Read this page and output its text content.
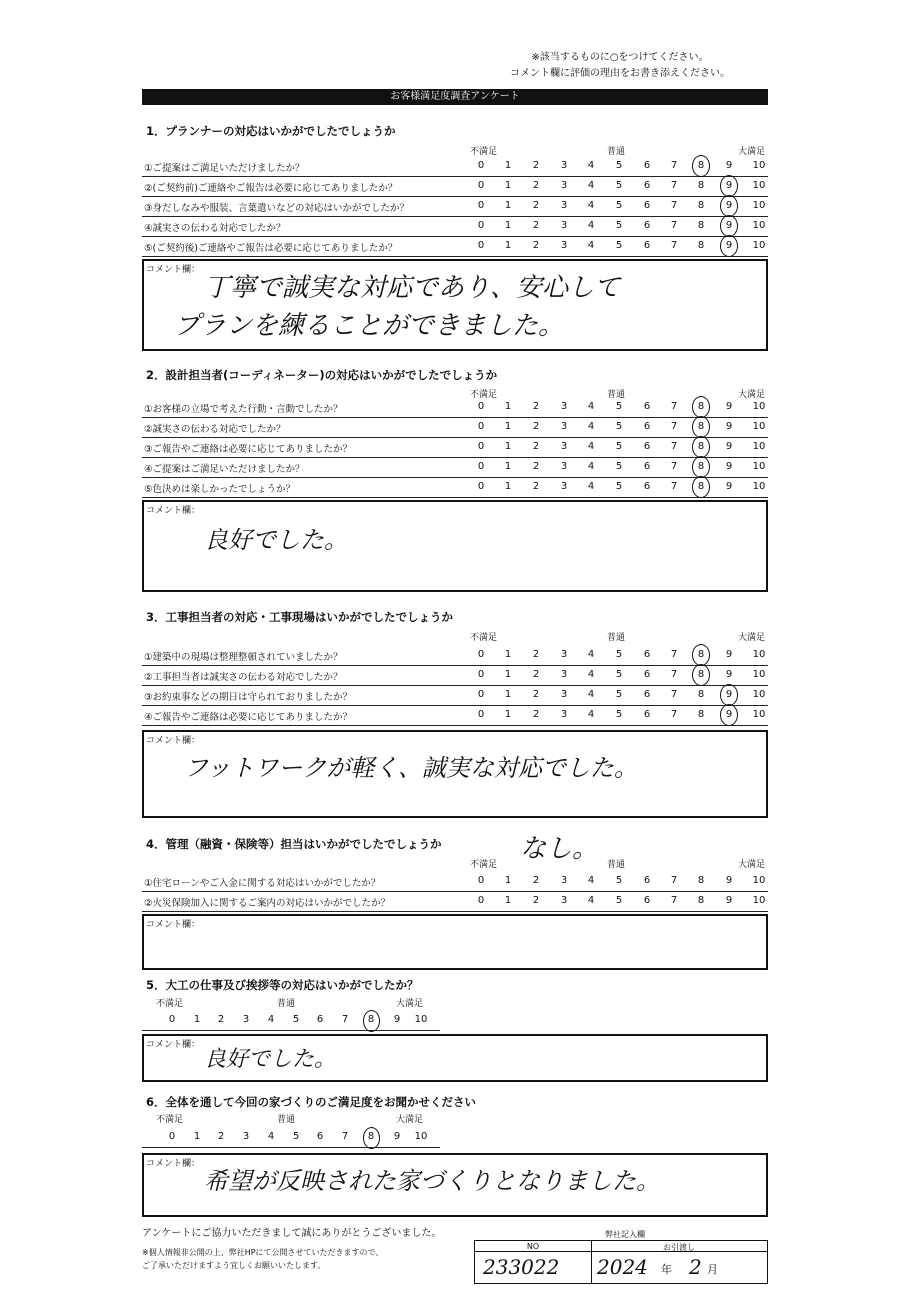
※該当するものに○をつけてください。
コメント欄に評価の理由をお書き添えください。
お客様満足度調査アンケート
1．プランナーの対応はいかがでしたでしょうか
不満足	普通	大満足
①ご提案はご満足いただけましたか？	0	1	2	3	4	5	6	7	8	9	10
②(ご契約前)ご連絡やご報告は必要に応じてありましたか？	0	1	2	3	4	5	6	7	8	9	10
③身だしなみや服装、言葉遣いなどの対応はいかがでしたか？	0	1	2	3	4	5	6	7	8	9	10
④誠実さの伝わる対応でしたか？	0	1	2	3	4	5	6	7	8	9	10
⑤(ご契約後)ご連絡やご報告は必要に応じてありましたか？	0	1	2	3	4	5	6	7	8	9	10
コメント欄：
丁寧で誠実な対応であり、安心して
プランを練ることができました。
2．設計担当者(コーディネーター)の対応はいかがでしたでしょうか
不満足	普通	大満足
①お客様の立場で考えた行動・言動でしたか？	0	1	2	3	4	5	6	7	8	9	10
②誠実さの伝わる対応でしたか？	0	1	2	3	4	5	6	7	8	9	10
③ご報告やご連絡は必要に応じてありましたか？	0	1	2	3	4	5	6	7	8	9	10
④ご提案はご満足いただけましたか？	0	1	2	3	4	5	6	7	8	9	10
⑤色決めは楽しかったでしょうか？	0	1	2	3	4	5	6	7	8	9	10
コメント欄：
良好でした。
3．工事担当者の対応・工事現場はいかがでしたでしょうか
不満足	普通	大満足
①建築中の現場は整理整頓されていましたか？	0	1	2	3	4	5	6	7	8	9	10
②工事担当者は誠実さの伝わる対応でしたか？	0	1	2	3	4	5	6	7	8	9	10
③お約束事などの期日は守られておりましたか？	0	1	2	3	4	5	6	7	8	9	10
④ご報告やご連絡は必要に応じてありましたか？	0	1	2	3	4	5	6	7	8	9	10
コメント欄：
フットワークが軽く、誠実な対応でした。
4．管理（融資・保険等）担当はいかがでしたでしょうか	なし。
不満足	普通	大満足
①住宅ローンやご入金に関する対応はいかがでしたか？	0	1	2	3	4	5	6	7	8	9	10
②火災保険加入に関するご案内の対応はいかがでしたか？	0	1	2	3	4	5	6	7	8	9	10
コメント欄：
5．大工の仕事及び挨拶等の対応はいかがでしたか？
不満足	普通	大満足
0	1	2	3	4	5	6	7	8	9	10
コメント欄：
良好でした。
6．全体を通して今回の家づくりのご満足度をお聞かせください
不満足	普通	大満足
0	1	2	3	4	5	6	7	8	9	10
コメント欄：
希望が反映された家づくりとなりました。
アンケートにご協力いただきまして誠にありがとうございました。
※個人情報非公開の上、弊社HPにて公開させていただきますので、
ご了承いただけますよう宜しくお願いいたします。
弊社記入欄
NO	お引渡し
233022 2024 年 2 月
